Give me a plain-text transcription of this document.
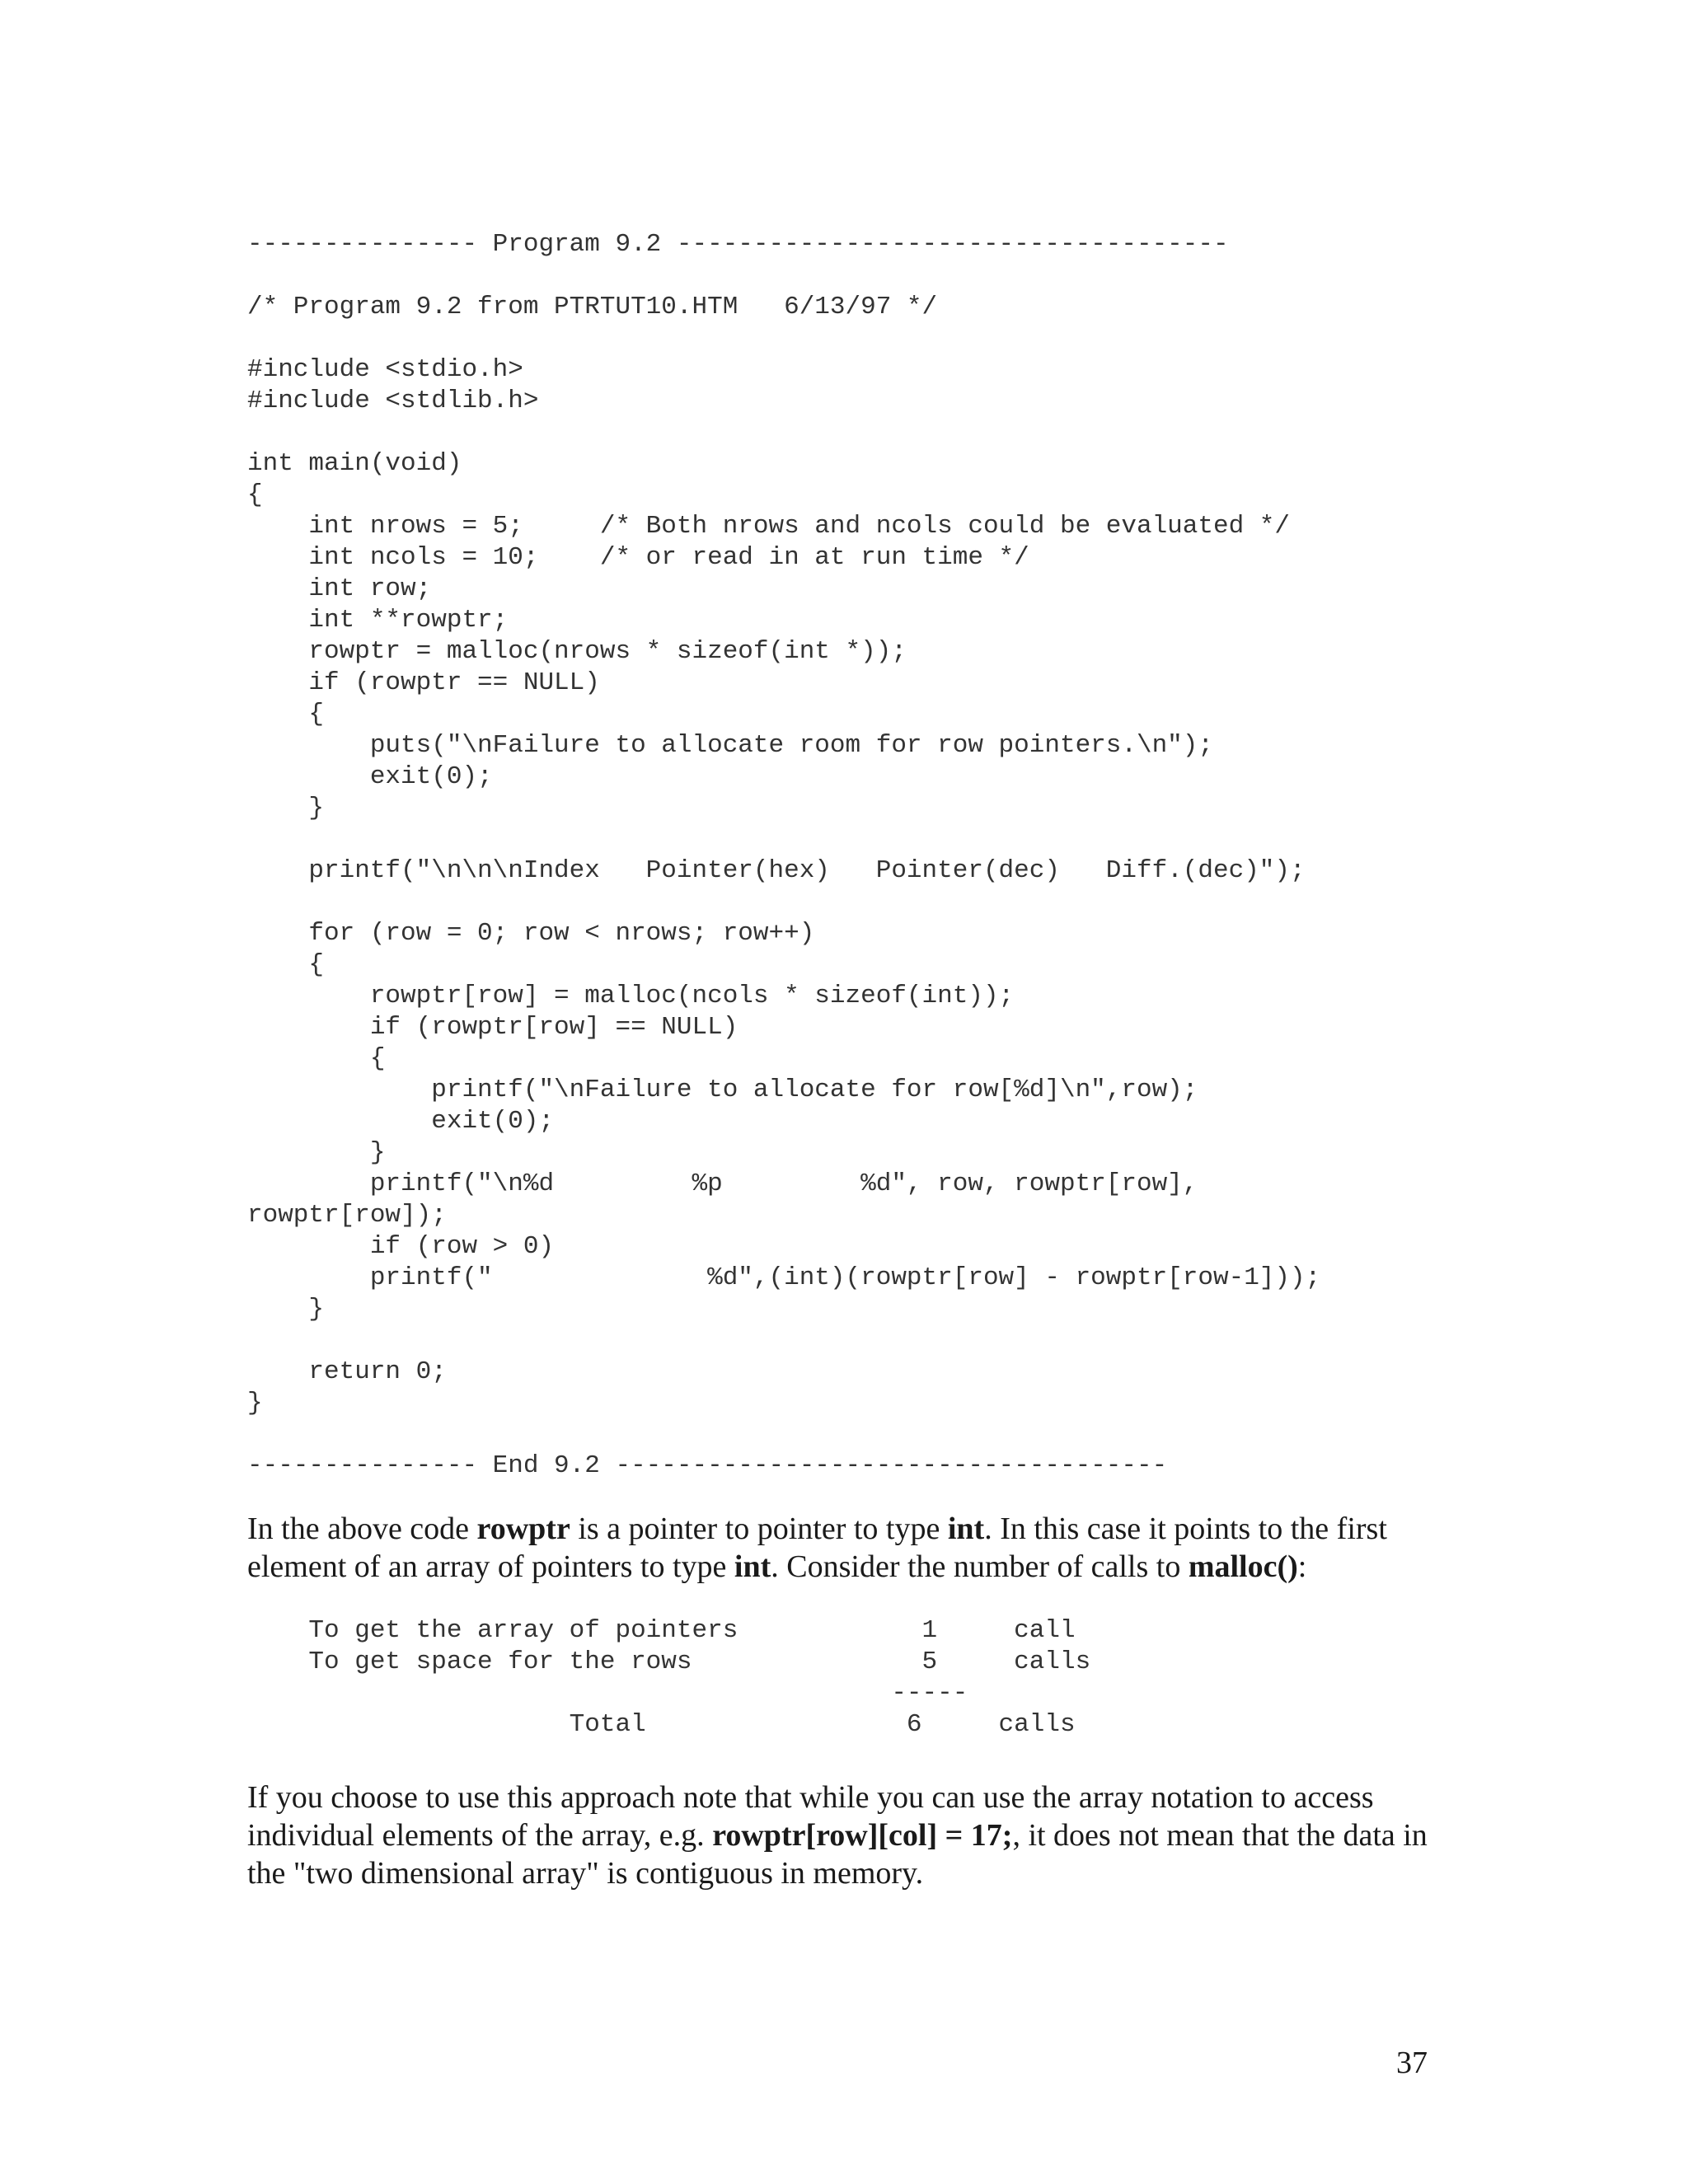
--------------- Program 9.2 ------------------------------------
/* Program 9.2 from PTRTUT10.HTM   6/13/97 */
#include <stdio.h>
#include <stdlib.h>
int main(void)
{
int nrows = 5;     /* Both nrows and ncols could be evaluated */
int ncols = 10;    /* or read in at run time */
int row;
int **rowptr;
rowptr = malloc(nrows * sizeof(int *));
if (rowptr == NULL)
{
puts("\nFailure to allocate room for row pointers.\n");
exit(0);
}
printf("\n\n\nIndex   Pointer(hex)   Pointer(dec)   Diff.(dec)");
for (row = 0; row < nrows; row++)
{
rowptr[row] = malloc(ncols * sizeof(int));
if (rowptr[row] == NULL)
{
printf("\nFailure to allocate for row[%d]\n",row);
exit(0);
}
printf("\n%d         %p         %d", row, rowptr[row],
rowptr[row]);
if (row > 0)
printf("              %d",(int)(rowptr[row] - rowptr[row-1]));
}
return 0;
}
--------------- End 9.2 ------------------------------------

In the above code rowptr is a pointer to pointer to type int. In this case it points to the first element of an array of pointers to type int. Consider the number of calls to malloc():

To get the array of pointers            1     call
To get space for the rows               5     calls
-----
Total                 6     calls

If you choose to use this approach note that while you can use the array notation to access individual elements of the array, e.g. rowptr[row][col] = 17;, it does not mean that the data in the "two dimensional array" is contiguous in memory.

37
